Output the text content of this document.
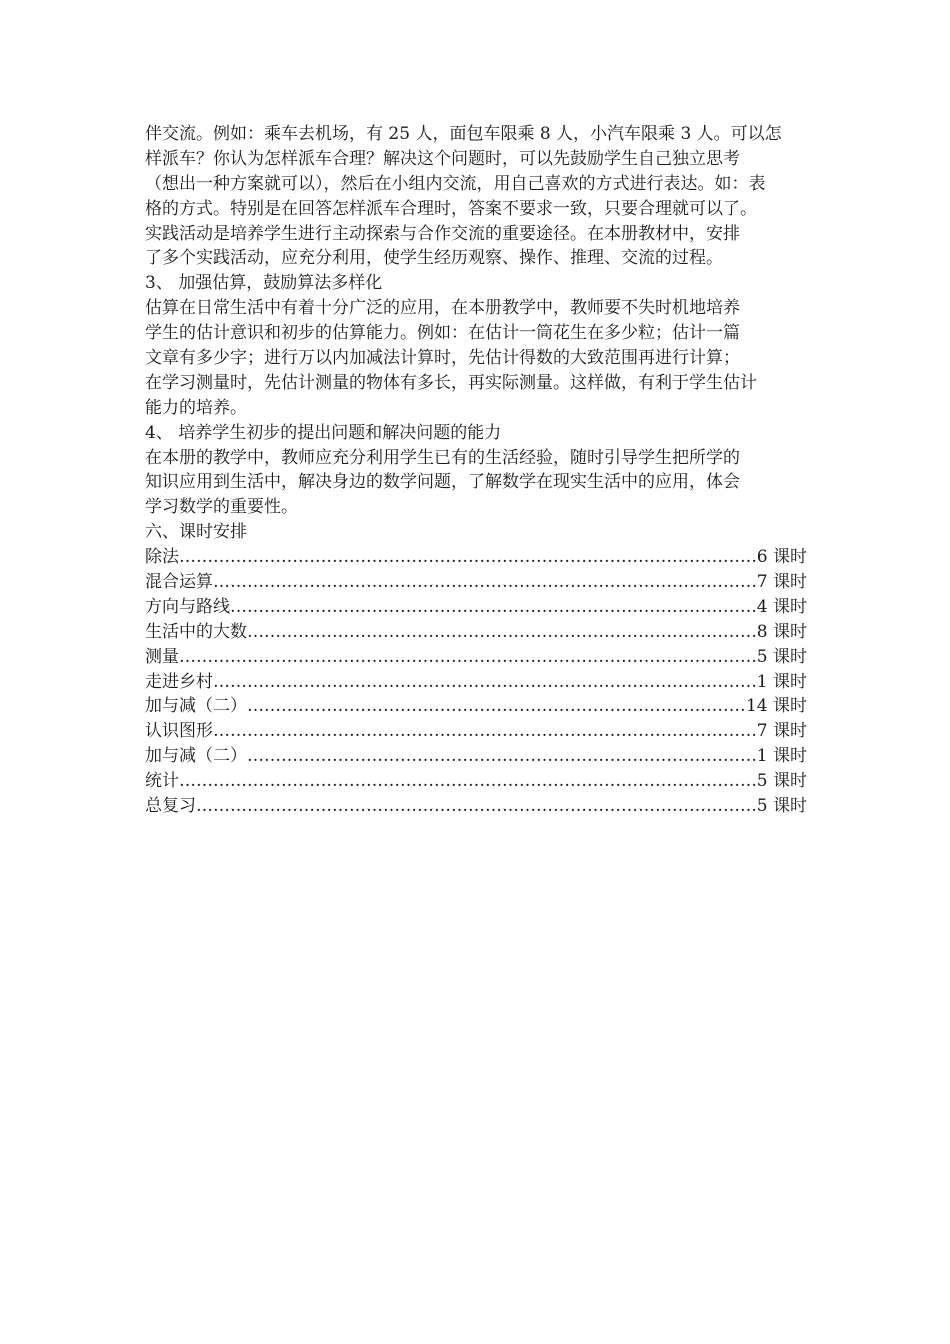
伴交流。例如：乘车去机场，有 25 人，面包车限乘 8 人，小汽车限乘 3 人。可以怎
样派车？你认为怎样派车合理？解决这个问题时，可以先鼓励学生自己独立思考
（想出一种方案就可以），然后在小组内交流，用自己喜欢的方式进行表达。如：表
格的方式。特别是在回答怎样派车合理时，答案不要求一致，只要合理就可以了。
实践活动是培养学生进行主动探索与合作交流的重要途径。在本册教材中，安排
了多个实践活动，应充分利用，使学生经历观察、操作、推理、交流的过程。
3、 加强估算，鼓励算法多样化
估算在日常生活中有着十分广泛的应用，在本册教学中，教师要不失时机地培养
学生的估计意识和初步的估算能力。例如：在估计一筒花生在多少粒；估计一篇
文章有多少字；进行万以内加减法计算时，先估计得数的大致范围再进行计算；
在学习测量时，先估计测量的物体有多长，再实际测量。这样做，有利于学生估计
能力的培养。
4、 培养学生初步的提出问题和解决问题的能力
在本册的教学中，教师应充分利用学生已有的生活经验，随时引导学生把所学的
知识应用到生活中，解决身边的数学问题，了解数学在现实生活中的应用，体会
学习数学的重要性。
六、课时安排
除法 …………………………………………………………………………………………………………………………………………………………………………	6 课时
混合运算 …………………………………………………………………………………………………………………………………………………………………………	7 课时
方向与路线 …………………………………………………………………………………………………………………………………………………………………………	4 课时
生活中的大数 …………………………………………………………………………………………………………………………………………………………………………	8 课时
测量 …………………………………………………………………………………………………………………………………………………………………………	5 课时
走进乡村 …………………………………………………………………………………………………………………………………………………………………………	1 课时
加与减（二） …………………………………………………………………………………………………………………………………………………………………………	14 课时
认识图形 …………………………………………………………………………………………………………………………………………………………………………	7 课时
加与减（二） …………………………………………………………………………………………………………………………………………………………………………	1 课时
统计 …………………………………………………………………………………………………………………………………………………………………………	5 课时
总复习 …………………………………………………………………………………………………………………………………………………………………………	5 课时
